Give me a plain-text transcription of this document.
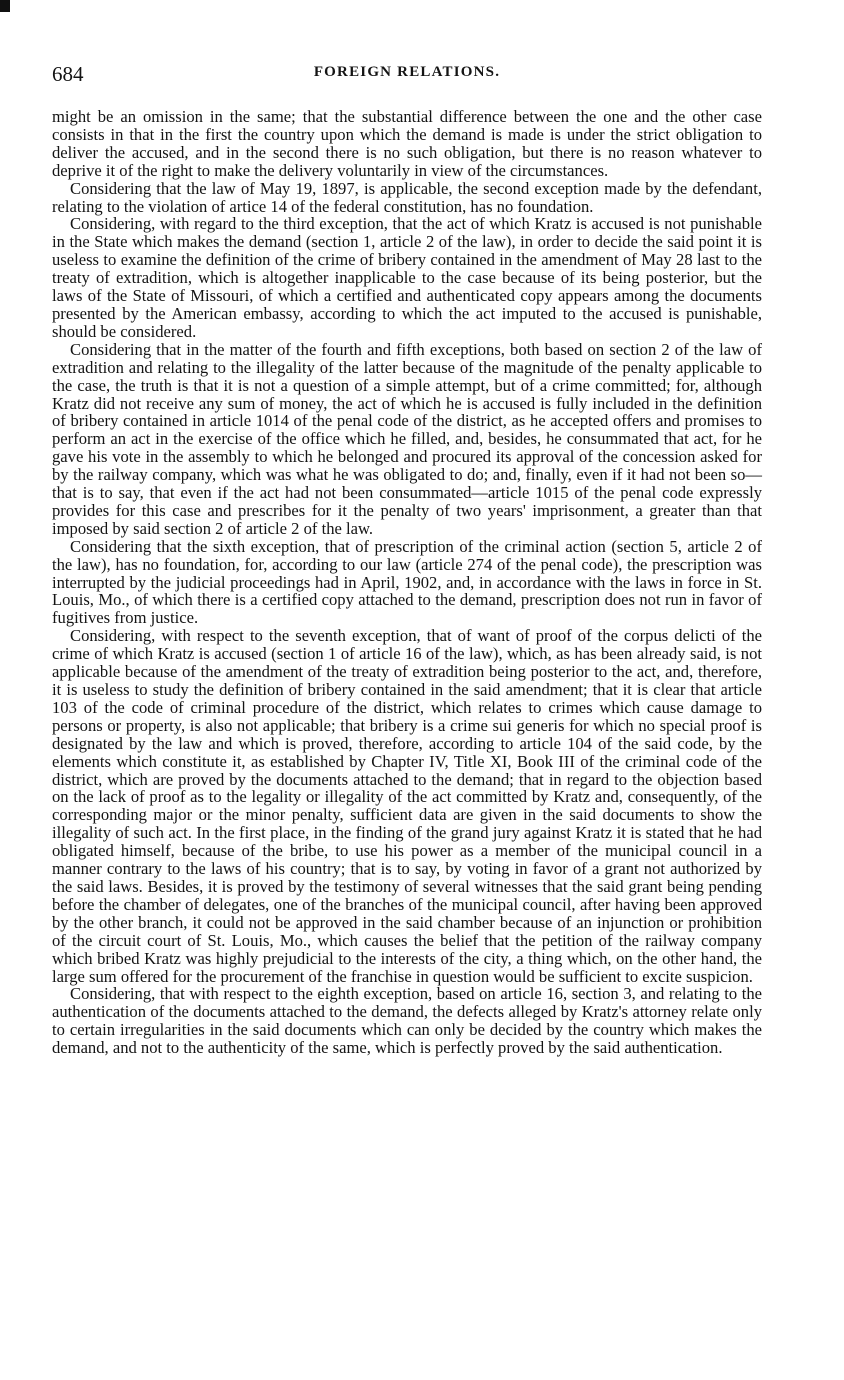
684	FOREIGN RELATIONS.

might be an omission in the same; that the substantial difference between the one and the other case consists in that in the first the country upon which the demand is made is under the strict obligation to deliver the accused, and in the second there is no such obligation, but there is no reason whatever to deprive it of the right to make the delivery voluntarily in view of the circumstances.

Considering that the law of May 19, 1897, is applicable, the second exception made by the defendant, relating to the violation of artice 14 of the federal constitution, has no foundation.

Considering, with regard to the third exception, that the act of which Kratz is accused is not punishable in the State which makes the demand (section 1, article 2 of the law), in order to decide the said point it is useless to examine the definition of the crime of bribery contained in the amendment of May 28 last to the treaty of extradition, which is altogether inapplicable to the case because of its being posterior, but the laws of the State of Missouri, of which a certified and authenticated copy appears among the documents presented by the American embassy, according to which the act imputed to the accused is punishable, should be considered.

Considering that in the matter of the fourth and fifth exceptions, both based on section 2 of the law of extradition and relating to the illegality of the latter because of the magnitude of the penalty applicable to the case, the truth is that it is not a question of a simple attempt, but of a crime committed; for, although Kratz did not receive any sum of money, the act of which he is accused is fully included in the definition of bribery contained in article 1014 of the penal code of the district, as he accepted offers and promises to perform an act in the exercise of the office which he filled, and, besides, he consummated that act, for he gave his vote in the assembly to which he belonged and procured its approval of the concession asked for by the railway company, which was what he was obligated to do; and, finally, even if it had not been so—that is to say, that even if the act had not been consummated—article 1015 of the penal code expressly provides for this case and prescribes for it the penalty of two years' imprisonment, a greater than that imposed by said section 2 of article 2 of the law.

Considering that the sixth exception, that of prescription of the criminal action (section 5, article 2 of the law), has no foundation, for, according to our law (article 274 of the penal code), the prescription was interrupted by the judicial proceedings had in April, 1902, and, in accordance with the laws in force in St. Louis, Mo., of which there is a certified copy attached to the demand, prescription does not run in favor of fugitives from justice.

Considering, with respect to the seventh exception, that of want of proof of the corpus delicti of the crime of which Kratz is accused (section 1 of article 16 of the law), which, as has been already said, is not applicable because of the amendment of the treaty of extradition being posterior to the act, and, therefore, it is useless to study the definition of bribery contained in the said amendment; that it is clear that article 103 of the code of criminal procedure of the district, which relates to crimes which cause damage to persons or property, is also not applicable; that bribery is a crime sui generis for which no special proof is designated by the law and which is proved, therefore, according to article 104 of the said code, by the elements which constitute it, as established by Chapter IV, Title XI, Book III of the criminal code of the district, which are proved by the documents attached to the demand; that in regard to the objection based on the lack of proof as to the legality or illegality of the act committed by Kratz and, consequently, of the corresponding major or the minor penalty, sufficient data are given in the said documents to show the illegality of such act. In the first place, in the finding of the grand jury against Kratz it is stated that he had obligated himself, because of the bribe, to use his power as a member of the municipal council in a manner contrary to the laws of his country; that is to say, by voting in favor of a grant not authorized by the said laws. Besides, it is proved by the testimony of several witnesses that the said grant being pending before the chamber of delegates, one of the branches of the municipal council, after having been approved by the other branch, it could not be approved in the said chamber because of an injunction or prohibition of the circuit court of St. Louis, Mo., which causes the belief that the petition of the railway company which bribed Kratz was highly prejudicial to the interests of the city, a thing which, on the other hand, the large sum offered for the procurement of the franchise in question would be sufficient to excite suspicion.

Considering, that with respect to the eighth exception, based on article 16, section 3, and relating to the authentication of the documents attached to the demand, the defects alleged by Kratz's attorney relate only to certain irregularities in the said documents which can only be decided by the country which makes the demand, and not to the authenticity of the same, which is perfectly proved by the said authentication.
